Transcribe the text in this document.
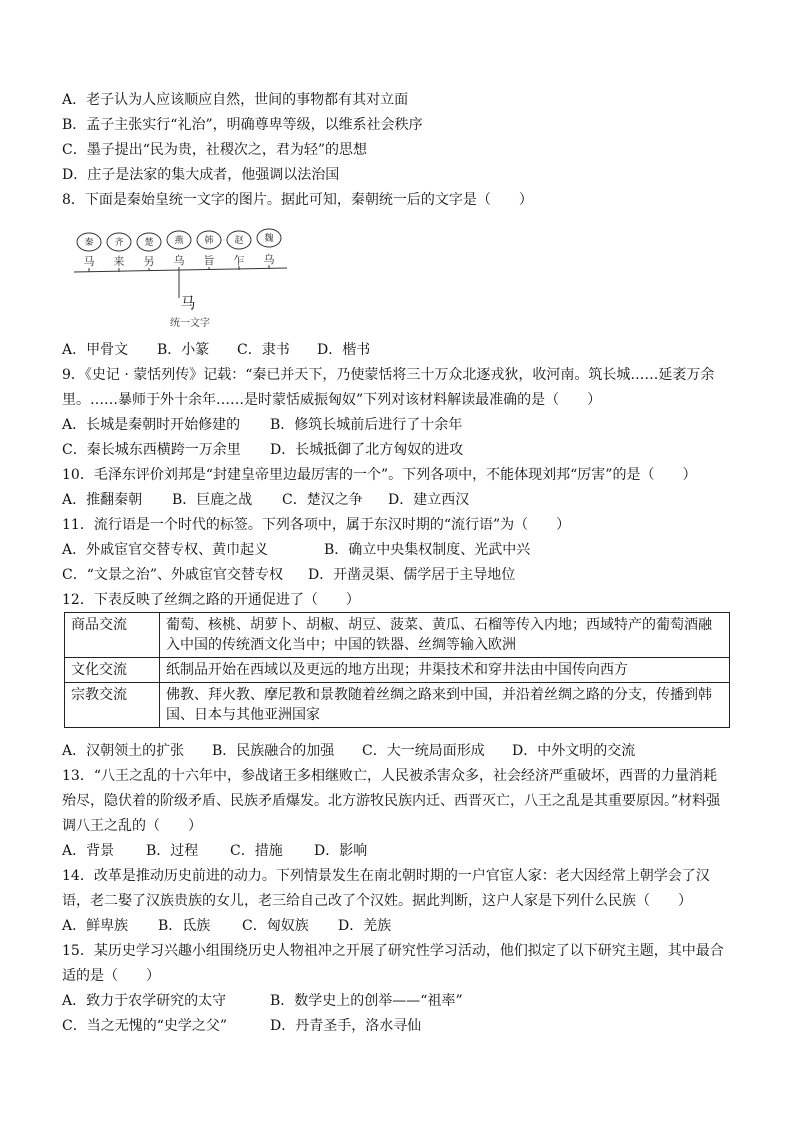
A．老子认为人应该顺应自然，世间的事物都有其对立面
B．孟子主张实行“礼治”，明确尊卑等级，以维系社会秩序
C．墨子提出“民为贵，社稷次之，君为轻”的思想
D．庄子是法家的集大成者，他强调以法治国
8．下面是秦始皇统一文字的图片。据此可知，秦朝统一后的文字是（　　）
秦 齐 楚 燕 韩 赵 魏
马 来 另 乌 旨 乍 乌
马
统一文字
A．甲骨文 B．小篆 C．隶书 D．楷书
9．《史记 · 蒙恬列传》记载：“秦已并天下，乃使蒙恬将三十万众北逐戎狄，收河南。筑长城……延袤万余
里。……暴师于外十余年……是时蒙恬威振匈奴”下列对该材料解读最准确的是（　　）
A．长城是秦朝时开始修建的 B．修筑长城前后进行了十余年
C．秦长城东西横跨一万余里 D．长城抵御了北方匈奴的进攻
10．毛泽东评价刘邦是“封建皇帝里边最厉害的一个”。下列各项中，不能体现刘邦“厉害”的是（　　）
A．推翻秦朝 B．巨鹿之战 C．楚汉之争 D．建立西汉
11．流行语是一个时代的标签。下列各项中，属于东汉时期的“流行语”为（　　）
A．外戚宦官交替专权、黄巾起义	B．确立中央集权制度、光武中兴
C．“文景之治”、外戚宦官交替专权 D．开凿灵渠、儒学居于主导地位
12．下表反映了丝绸之路的开通促进了（　　）
商品交流	葡萄、核桃、胡萝卜、胡椒、胡豆、菠菜、黄瓜、石榴等传入内地；西域特产的葡萄酒融
入中国的传统酒文化当中；中国的铁器、丝绸等输入欧洲
文化交流	纸制品开始在西域以及更远的地方出现；井渠技术和穿井法由中国传向西方
宗教交流	佛教、拜火教、摩尼教和景教随着丝绸之路来到中国，并沿着丝绸之路的分支，传播到韩
国、日本与其他亚洲国家
A．汉朝领土的扩张 B．民族融合的加强 C．大一统局面形成 D．中外文明的交流
13．“八王之乱的十六年中，参战诸王多相继败亡，人民被杀害众多，社会经济严重破坏，西晋的力量消耗
殆尽，隐伏着的阶级矛盾、民族矛盾爆发。北方游牧民族内迁、西晋灭亡，八王之乱是其重要原因。”材料强
调八王之乱的（　　）
A．背景 B．过程 C．措施 D．影响
14．改革是推动历史前进的动力。下列情景发生在南北朝时期的一户官宦人家：老大因经常上朝学会了汉
语，老二娶了汉族贵族的女儿，老三给自己改了个汉姓。据此判断，这户人家是下列什么民族（　　）
A．鲜卑族 B．氐族 C．匈奴族 D．羌族
15．某历史学习兴趣小组围绕历史人物祖冲之开展了研究性学习活动，他们拟定了以下研究主题，其中最合
适的是（　　）
A．致力于农学研究的太守	B．数学史上的创举——“祖率”
C．当之无愧的“史学之父”	D．丹青圣手，洛水寻仙
